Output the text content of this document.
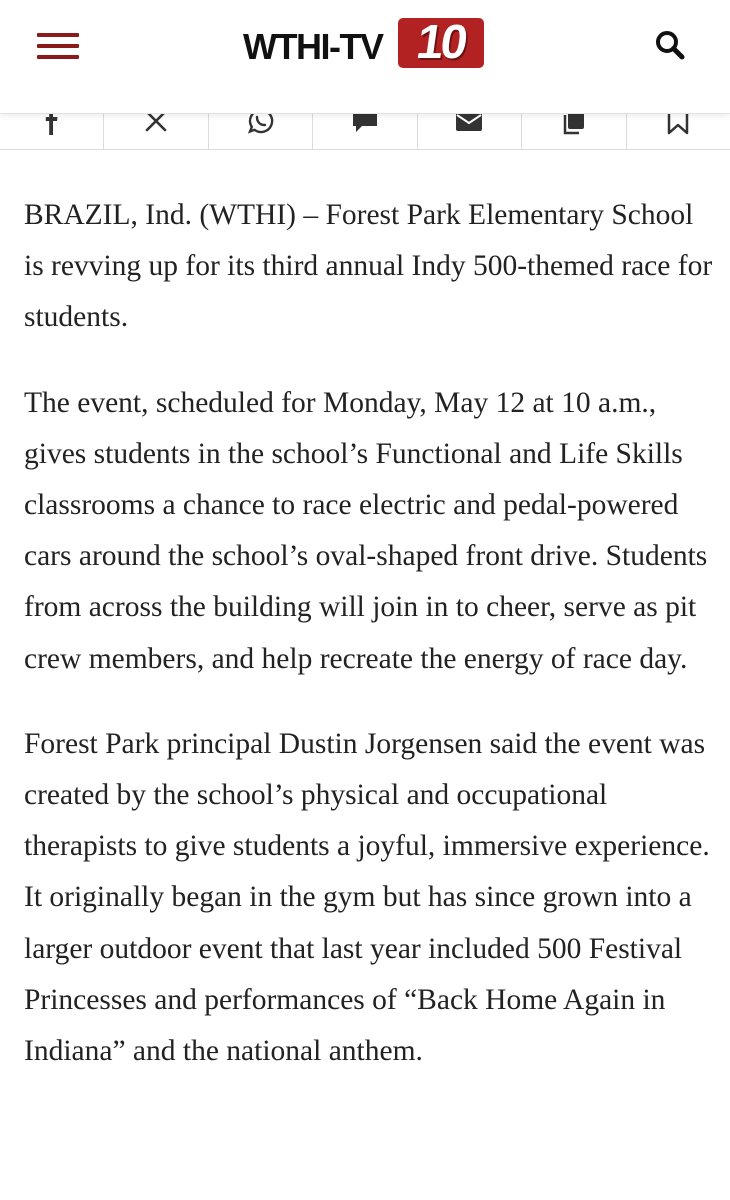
WTHI-TV 10

BRAZIL, Ind. (WTHI) – Forest Park Elementary School is revving up for its third annual Indy 500-themed race for students.

The event, scheduled for Monday, May 12 at 10 a.m., gives students in the school’s Functional and Life Skills classrooms a chance to race electric and pedal-powered cars around the school’s oval-shaped front drive. Students from across the building will join in to cheer, serve as pit crew members, and help recreate the energy of race day.

Forest Park principal Dustin Jorgensen said the event was created by the school’s physical and occupational therapists to give students a joyful, immersive experience. It originally began in the gym but has since grown into a larger outdoor event that last year included 500 Festival Princesses and performances of “Back Home Again in Indiana” and the national anthem.
